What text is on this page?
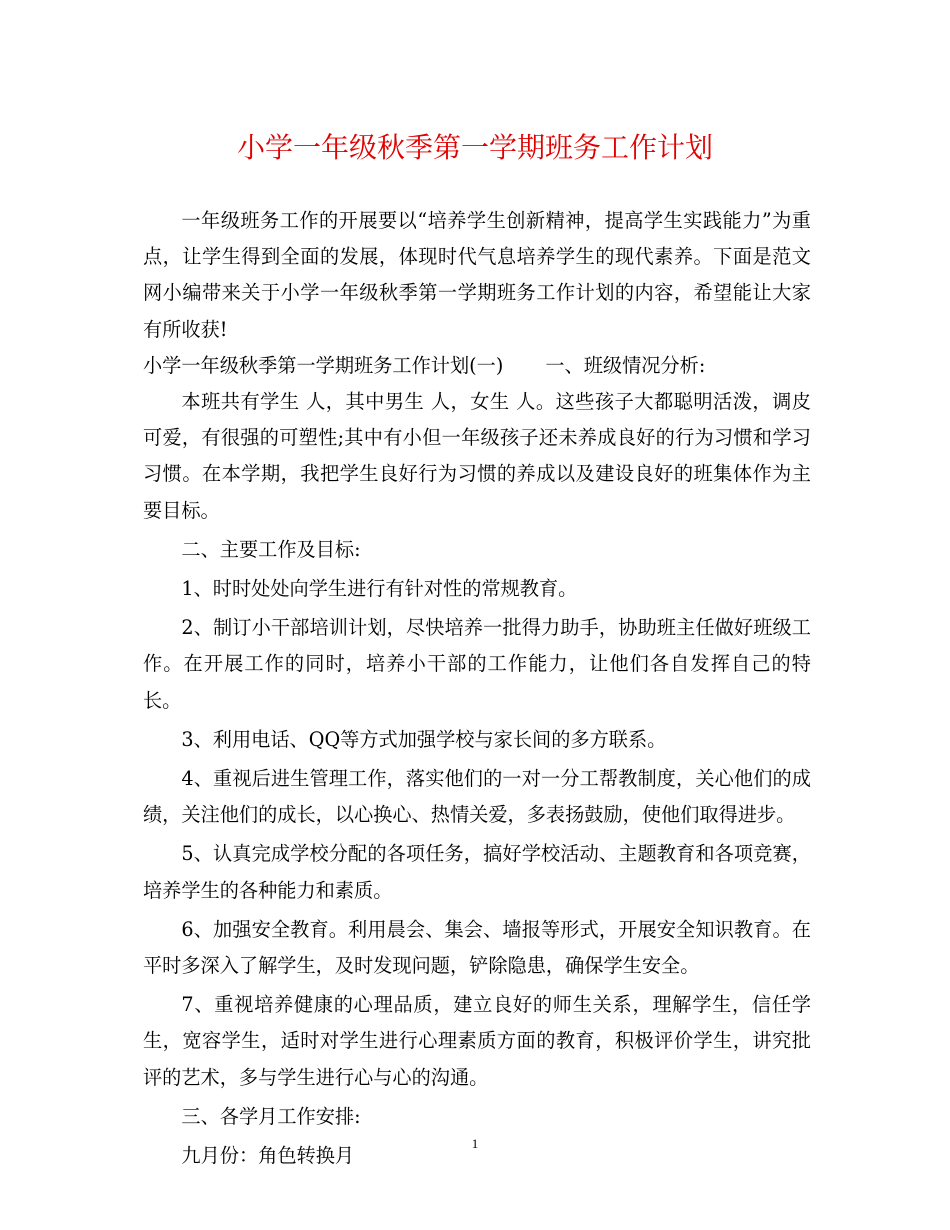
小学一年级秋季第一学期班务工作计划

一年级班务工作的开展要以“培养学生创新精神，提高学生实践能力”为重点，让学生得到全面的发展，体现时代气息培养学生的现代素养。下面是范文网小编带来关于小学一年级秋季第一学期班务工作计划的内容，希望能让大家有所收获!

小学一年级秋季第一学期班务工作计划(一) 一、班级情况分析:

本班共有学生 人，其中男生 人，女生 人。这些孩子大都聪明活泼，调皮可爱，有很强的可塑性;其中有小但一年级孩子还未养成良好的行为习惯和学习习惯。在本学期，我把学生良好行为习惯的养成以及建设良好的班集体作为主要目标。

二、主要工作及目标:

1、时时处处向学生进行有针对性的常规教育。

2、制订小干部培训计划，尽快培养一批得力助手，协助班主任做好班级工作。在开展工作的同时，培养小干部的工作能力，让他们各自发挥自己的特长。

3、利用电话、QQ等方式加强学校与家长间的多方联系。

4、重视后进生管理工作，落实他们的一对一分工帮教制度，关心他们的成绩，关注他们的成长，以心换心、热情关爱，多表扬鼓励，使他们取得进步。

5、认真完成学校分配的各项任务，搞好学校活动、主题教育和各项竞赛，培养学生的各种能力和素质。

6、加强安全教育。利用晨会、集会、墙报等形式，开展安全知识教育。在平时多深入了解学生，及时发现问题，铲除隐患，确保学生安全。

7、重视培养健康的心理品质，建立良好的师生关系，理解学生，信任学生，宽容学生，适时对学生进行心理素质方面的教育，积极评价学生，讲究批评的艺术，多与学生进行心与心的沟通。

三、各学月工作安排:

九月份：角色转换月

1
